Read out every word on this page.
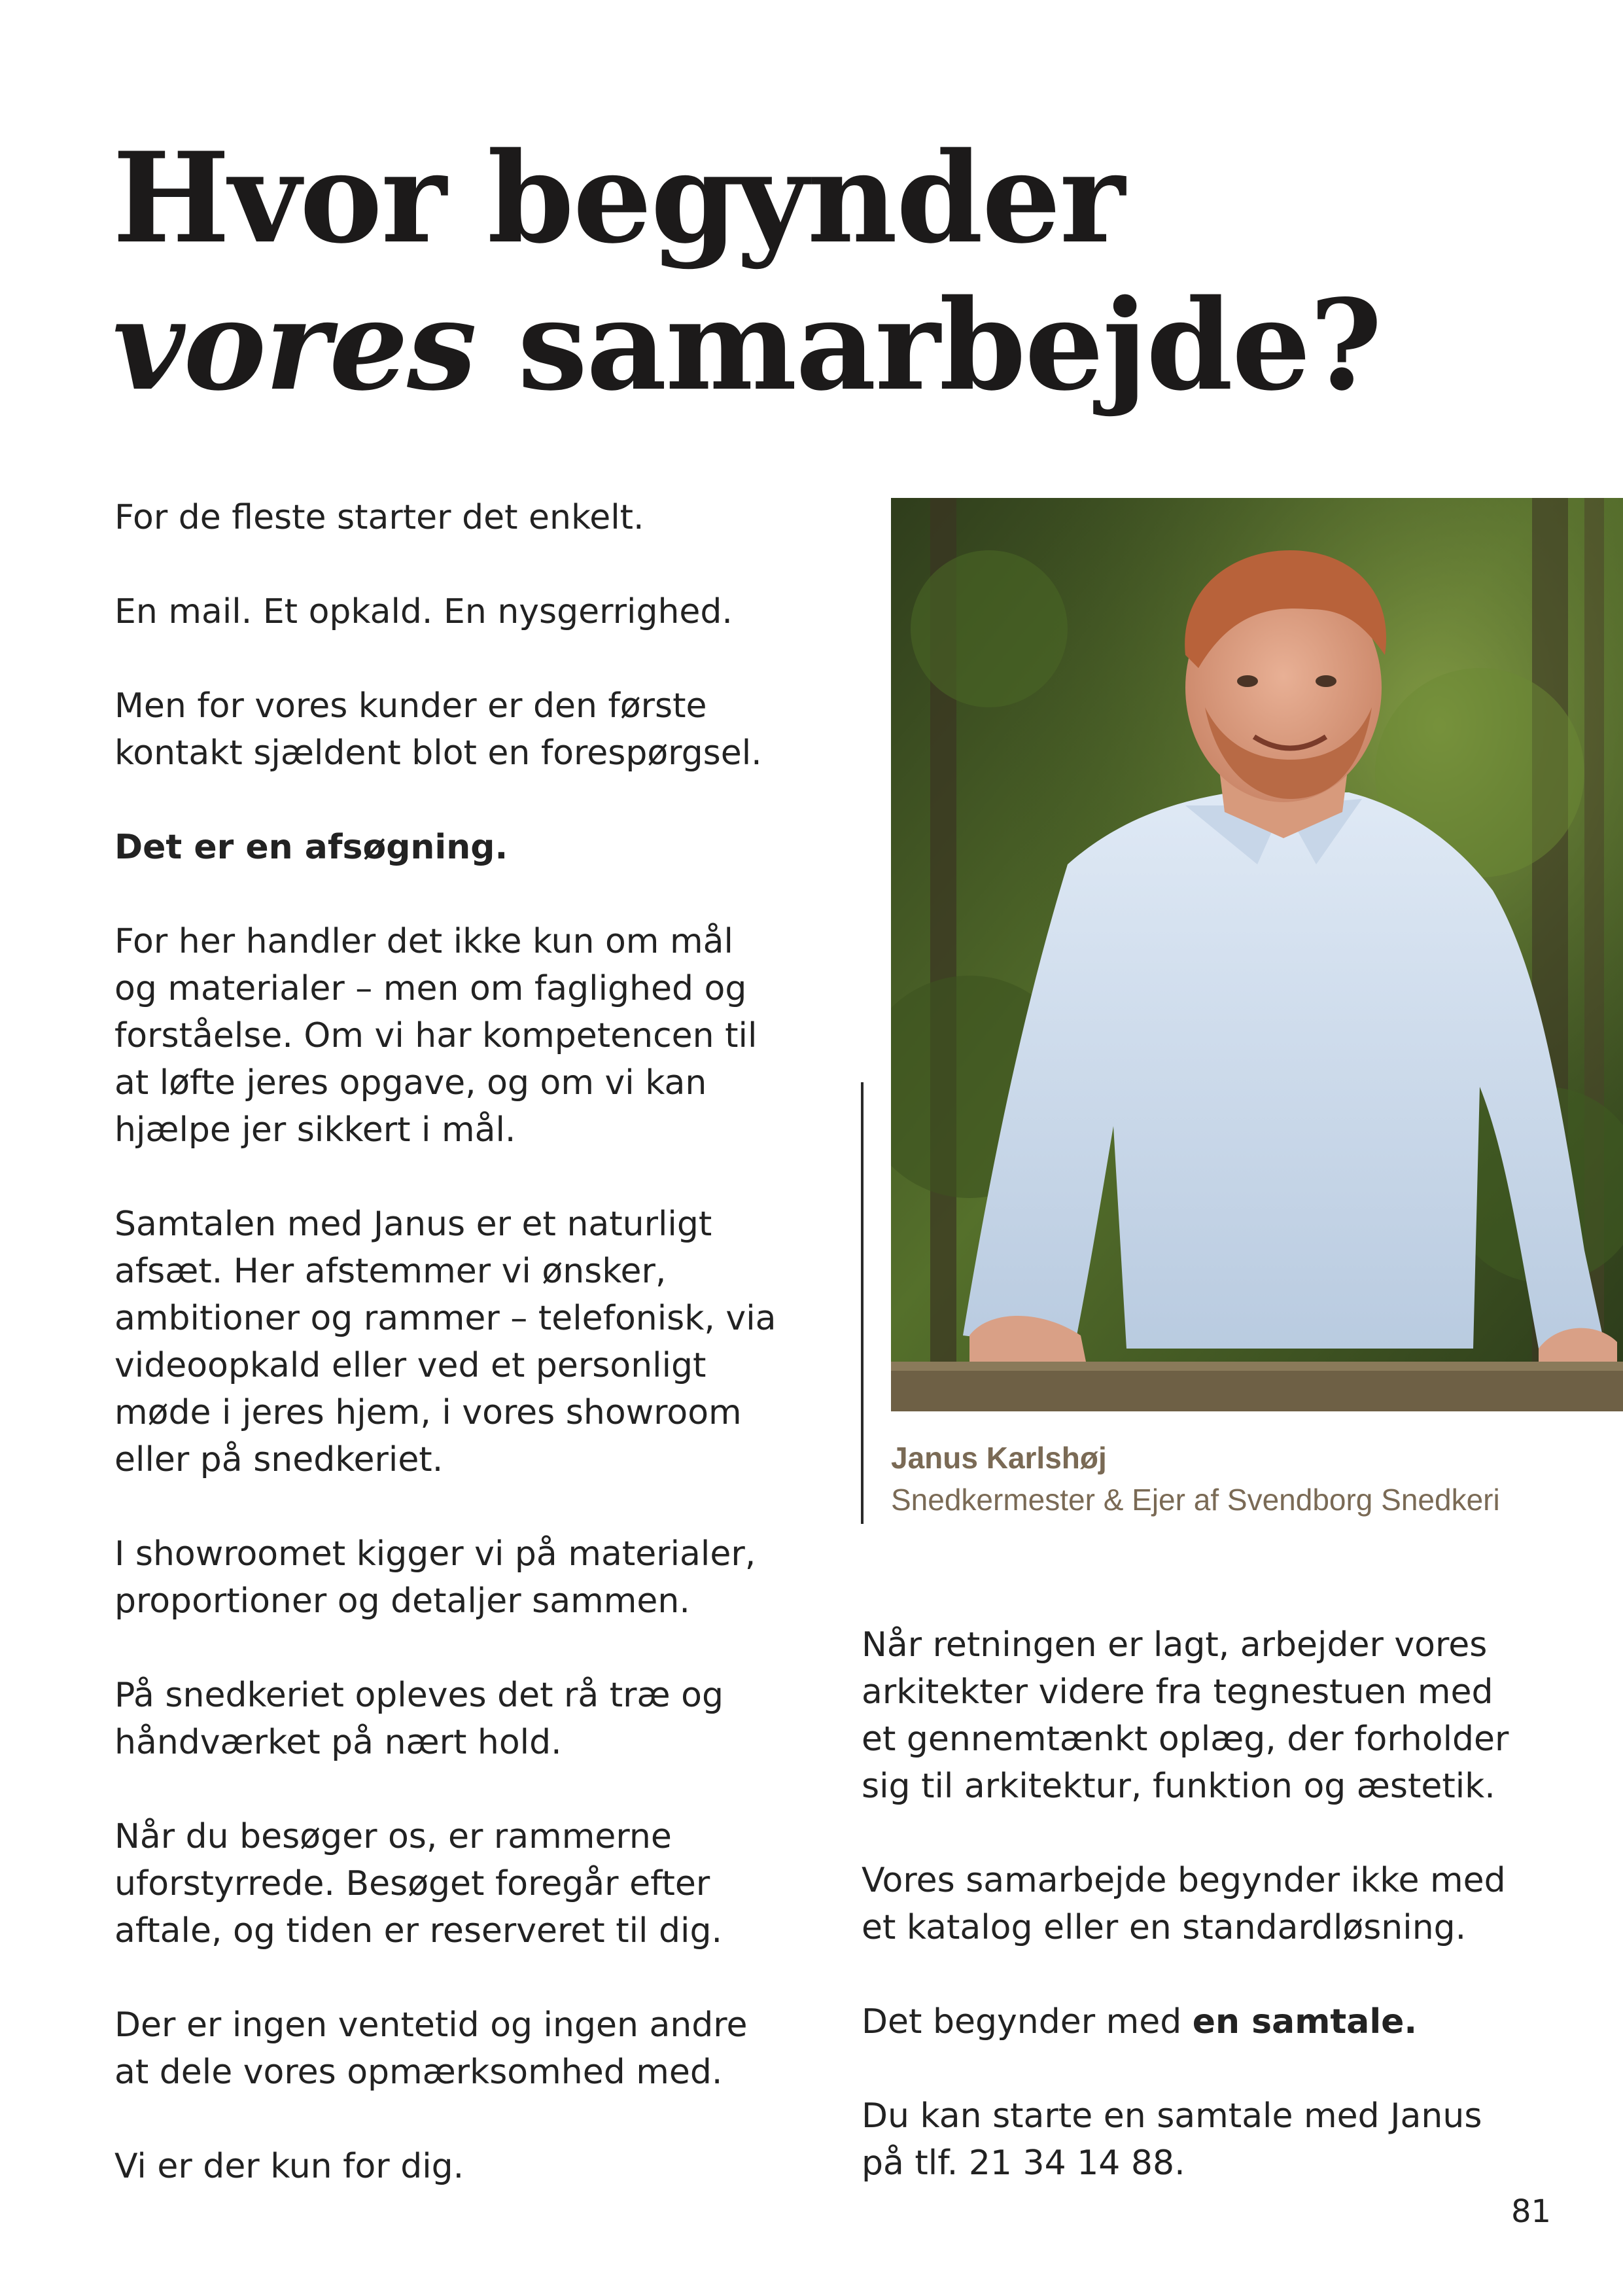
Hvor begynder
vores samarbejde?

For de fleste starter det enkelt.

En mail. Et opkald. En nysgerrighed.

Men for vores kunder er den første
kontakt sjældent blot en forespørgsel.

Det er en afsøgning.

For her handler det ikke kun om mål
og materialer – men om faglighed og
forståelse. Om vi har kompetencen til
at løfte jeres opgave, og om vi kan
hjælpe jer sikkert i mål.

Samtalen med Janus er et naturligt
afsæt. Her afstemmer vi ønsker,
ambitioner og rammer – telefonisk, via
videoopkald eller ved et personligt
møde i jeres hjem, i vores showroom
eller på snedkeriet.

I showroomet kigger vi på materialer,
proportioner og detaljer sammen.

På snedkeriet opleves det rå træ og
håndværket på nært hold.

Når du besøger os, er rammerne
uforstyrrede. Besøget foregår efter
aftale, og tiden er reserveret til dig.

Der er ingen ventetid og ingen andre
at dele vores opmærksomhed med.

Vi er der kun for dig.

Janus Karlshøj
Snedkermester & Ejer af Svendborg Snedkeri

Når retningen er lagt, arbejder vores
arkitekter videre fra tegnestuen med
et gennemtænkt oplæg, der forholder
sig til arkitektur, funktion og æstetik.

Vores samarbejde begynder ikke med
et katalog eller en standardløsning.

Det begynder med en samtale.

Du kan starte en samtale med Janus
på tlf. 21 34 14 88.

81
